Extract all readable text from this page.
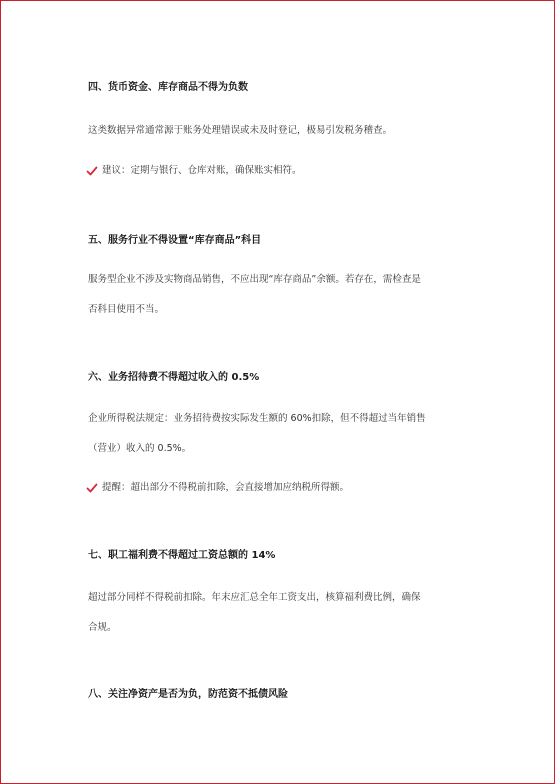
四、货币资金、库存商品不得为负数

这类数据异常通常源于账务处理错误或未及时登记，极易引发税务稽查。

建议：定期与银行、仓库对账，确保账实相符。
五、服务行业不得设置“库存商品”科目

服务型企业不涉及实物商品销售，不应出现“库存商品”余额。若存在，需检查是

否科目使用不当。

六、业务招待费不得超过收入的 0.5%

企业所得税法规定：业务招待费按实际发生额的 60%扣除，但不得超过当年销售

（营业）收入的 0.5%。

提醒：超出部分不得税前扣除，会直接增加应纳税所得额。
七、职工福利费不得超过工资总额的 14%

超过部分同样不得税前扣除。年末应汇总全年工资支出，核算福利费比例，确保

合规。

八、关注净资产是否为负，防范资不抵债风险
